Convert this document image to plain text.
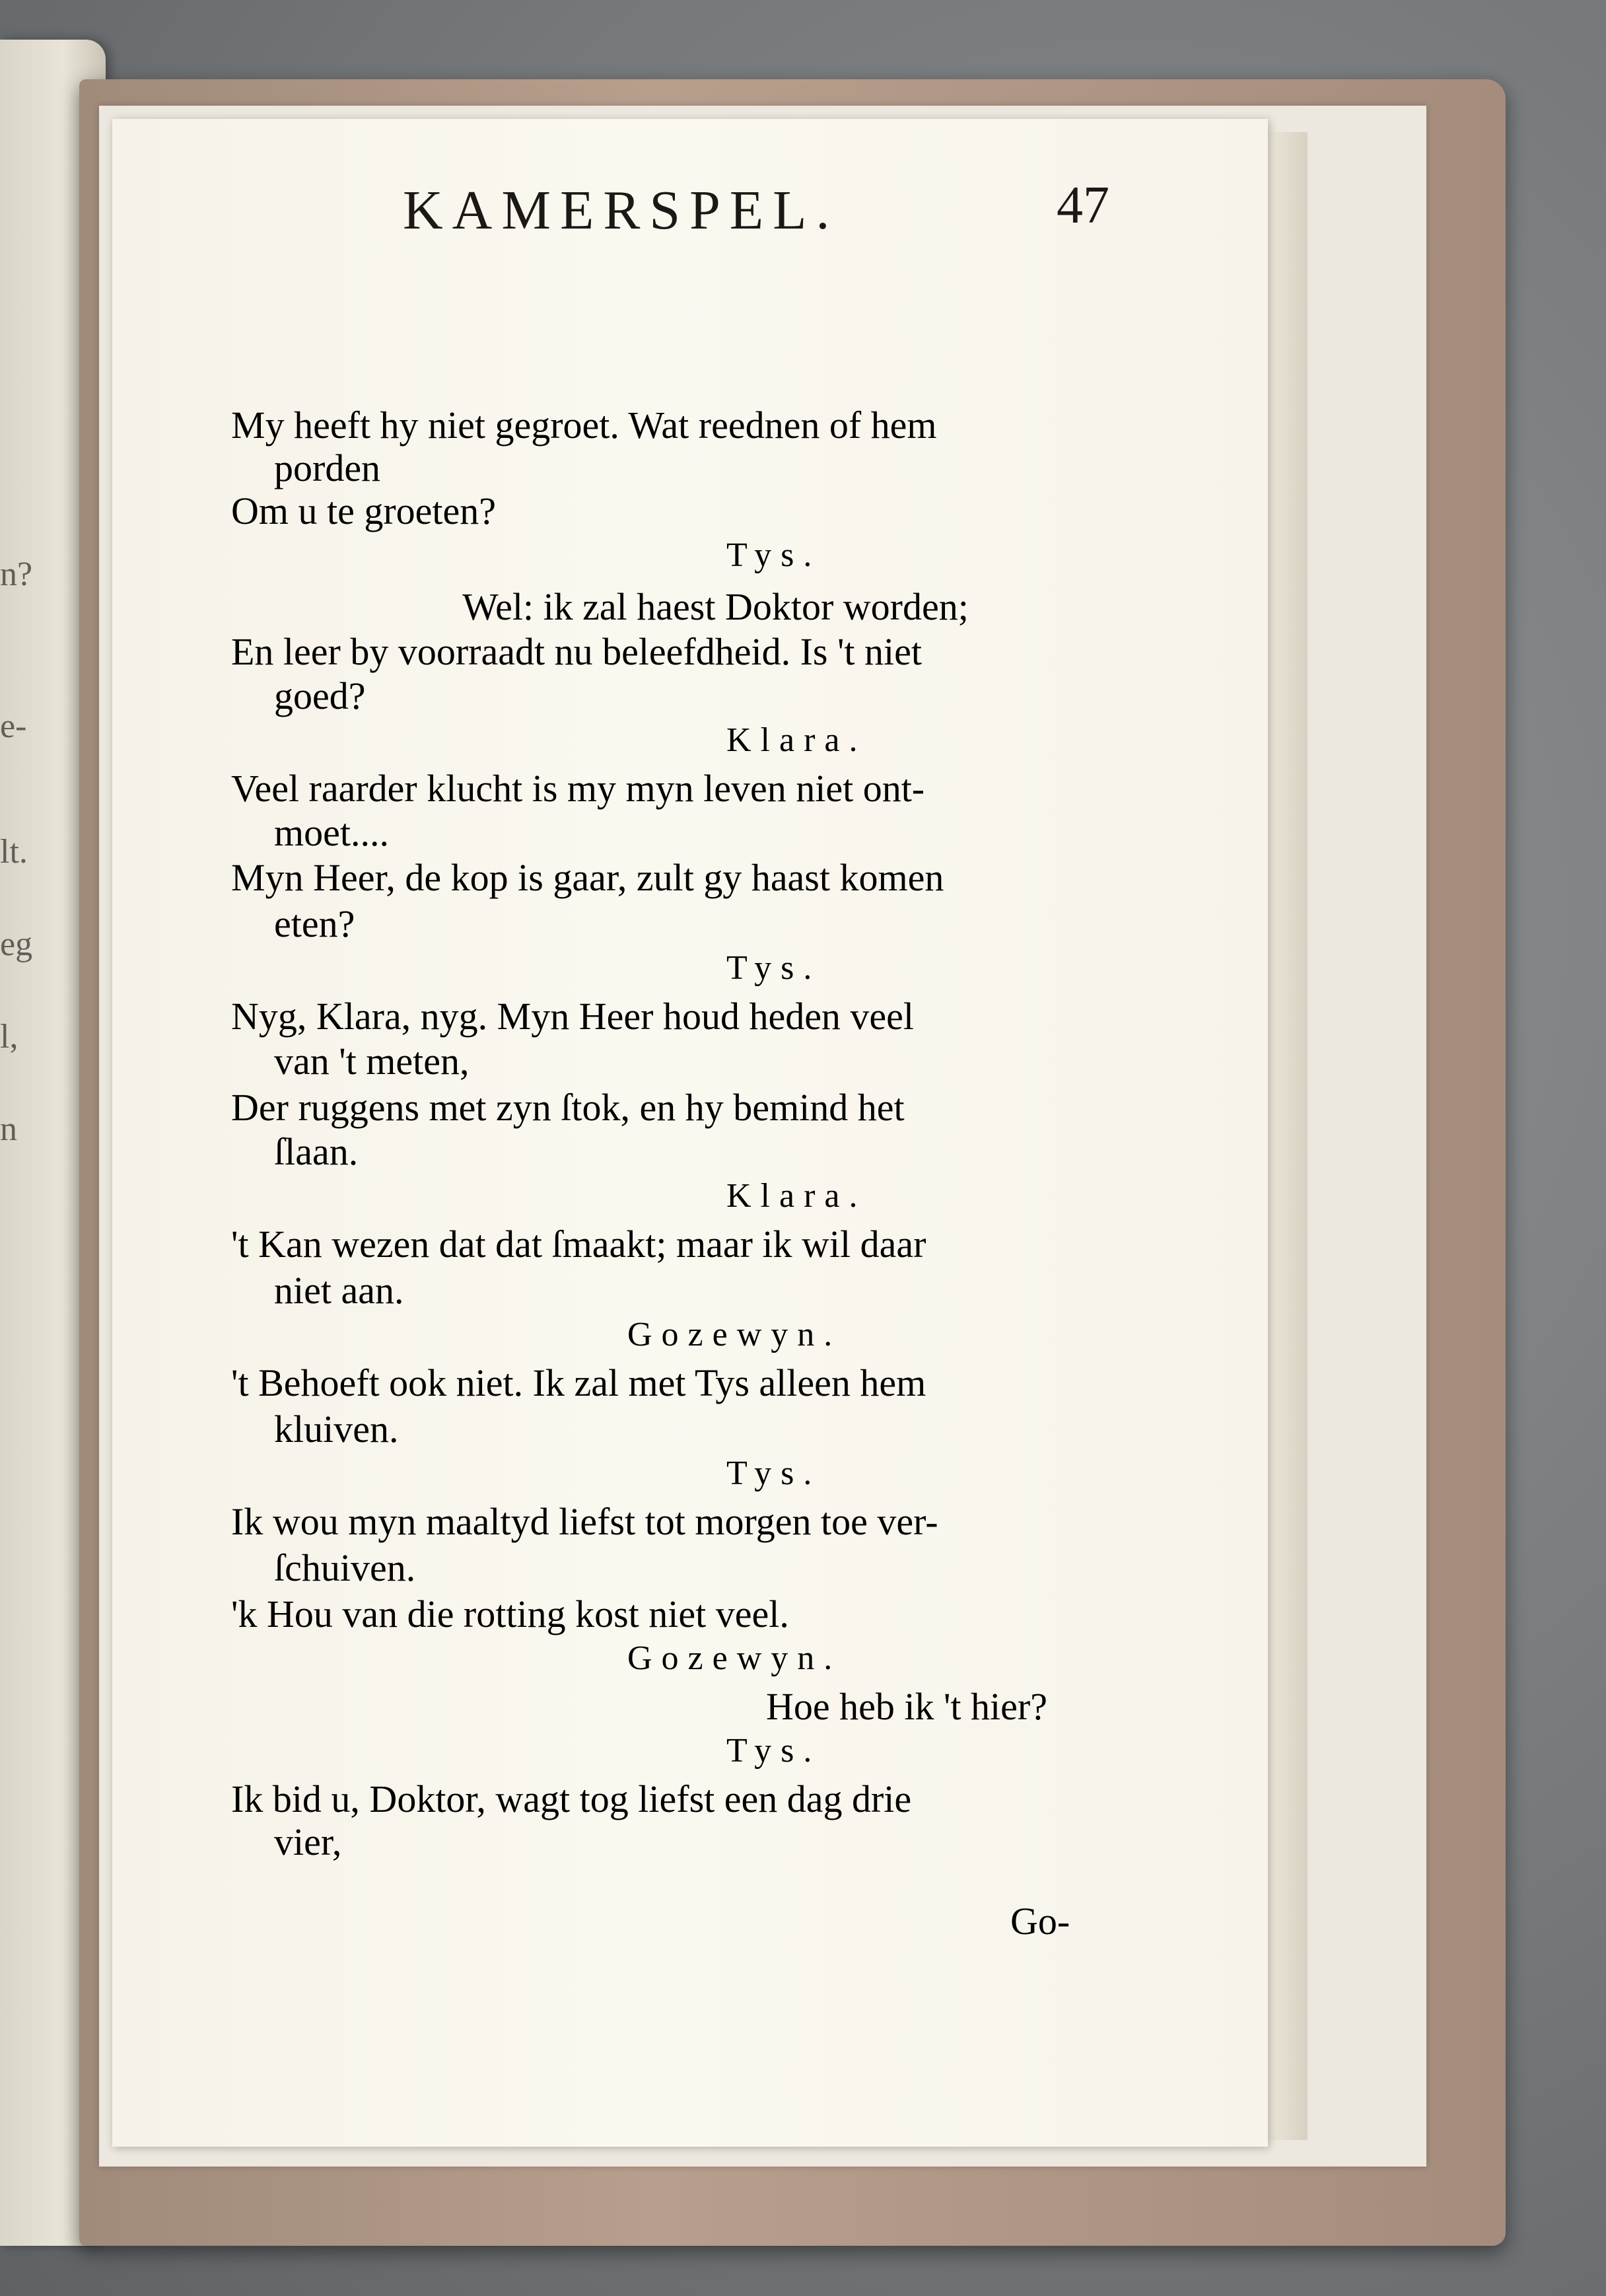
n?
e-
lt.
eg
l,
n
KAMERSPEL.	47
My heeft hy niet gegroet. Wat reednen of hem
porden
Om u te groeten?
Tys.
Wel: ik zal haest Doktor worden;
En leer by voorraadt nu beleefdheid. Is 't niet
goed?
Klara.
Veel raarder klucht is my myn leven niet ont-
moet....
Myn Heer, de kop is gaar, zult gy haast komen
eten?
Tys.
Nyg, Klara, nyg. Myn Heer houd heden veel
van 't meten,
Der ruggens met zyn ſtok, en hy bemind het
ſlaan.
Klara.
't Kan wezen dat dat ſmaakt; maar ik wil daar
niet aan.
Gozewyn.
't Behoeft ook niet. Ik zal met Tys alleen hem
kluiven.
Tys.
Ik wou myn maaltyd liefst tot morgen toe ver-
ſchuiven.
'k Hou van die rotting kost niet veel.
Gozewyn.
Hoe heb ik 't hier?
Tys.
Ik bid u, Doktor, wagt tog liefst een dag drie
vier,
Go-
